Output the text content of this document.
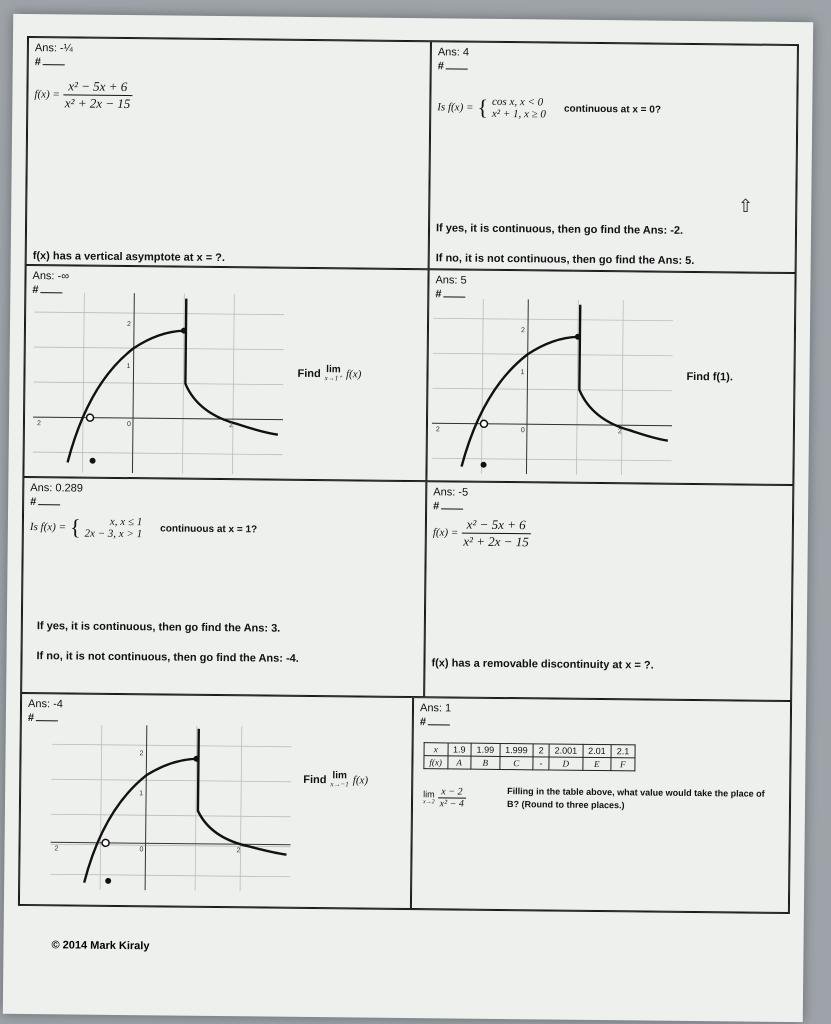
Ans: -¼
#
$f(x) = \frac{\text{x² − 5x + 6}}{\text{x² + 2x − 15}}$
f(x) has a vertical asymptote at x = ?.
Ans: 4
#
Is f(x) = { cos x, x < 0
x² + 1, x ≥ 0 continuous at x = 0?
If yes, it is continuous, then go find the Ans: -2.
If no, it is not continuous, then go find the Ans: 5.
Ans: -∞
#
2
1
2	0	2
Find lim
x→1⁺ f(x)
Ans: 5
#
2
1
2	0	2
Find f(1).
Ans: 0.289
#
Is f(x) = {	x, x ≤ 1
2x − 3, x > 1 continuous at x = 1?
If yes, it is continuous, then go find the Ans: 3.
If no, it is not continuous, then go find the Ans: -4.
Ans: -5
#
$f(x) = \frac{\text{x² − 5x + 6}}{\text{x² + 2x − 15}}$
f(x) has a removable discontinuity at x = ?.
Ans: -4
#
2
1
2	0	2
Find lim
x→−1 f(x)
Ans: 1
#
x	1.9	1.99	1.999	2	2.001	2.01	2.1
f(x)	A	B	C	-	D	E	F
lim
$x\to 2 \frac{x - 2}{\text{x² − 4}}$	Filling in the table above, what value would take the place of B? (Round to three places.)
© 2014 Mark Kiraly
⇧
